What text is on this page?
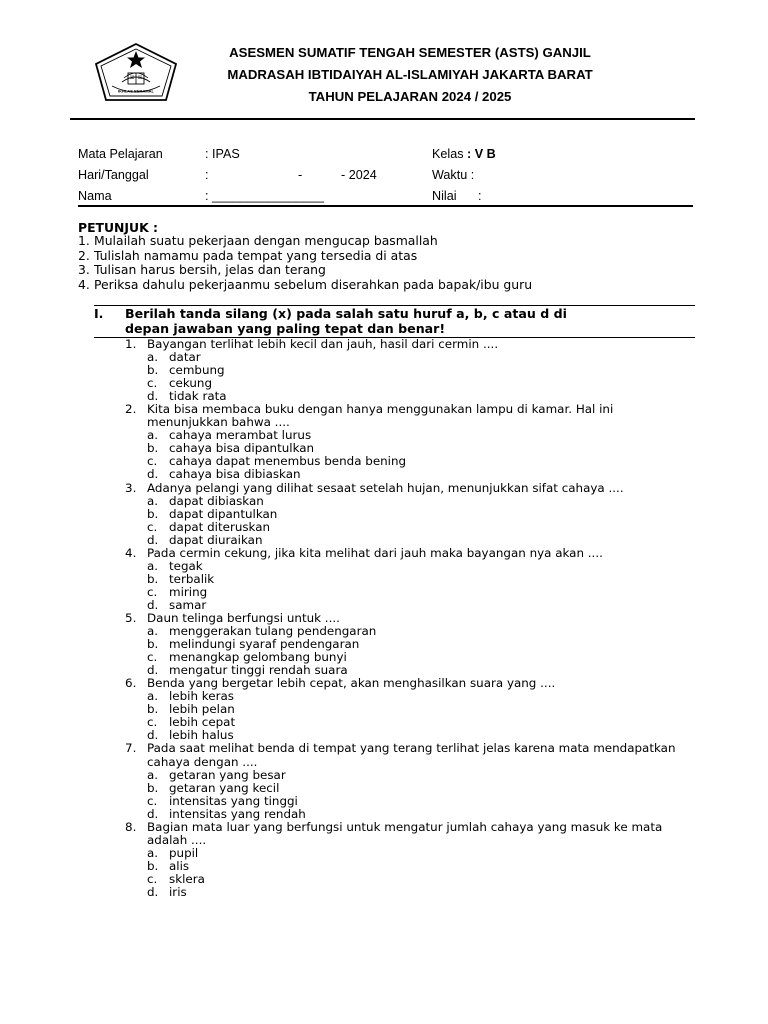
IKHLAS BERAMAL
ASESMEN SUMATIF TENGAH SEMESTER (ASTS) GANJIL
MADRASAH IBTIDAIYAH AL-ISLAMIYAH JAKARTA BARAT
TAHUN PELAJARAN 2024 / 2025
Mata Pelajaran	: IPAS	Kelas : V B
Hari/Tanggal	:	-	- 2024	Waktu :
Nama	: ________________	Nilai :
PETUNJUK :
1. Mulailah suatu pekerjaan dengan mengucap basmallah
2. Tulislah namamu pada tempat yang tersedia di atas
3. Tulisan harus bersih, jelas dan terang
4. Periksa dahulu pekerjaanmu sebelum diserahkan pada bapak/ibu guru
I. Berilah tanda silang (x) pada salah satu huruf a, b, c atau d di
depan jawaban yang paling tepat dan benar!
1. Bayangan terlihat lebih kecil dan jauh, hasil dari cermin ....
a. datar
b. cembung
c. cekung
d. tidak rata
2. Kita bisa membaca buku dengan hanya menggunakan lampu di kamar. Hal ini menunjukkan bahwa ....
a. cahaya merambat lurus
b. cahaya bisa dipantulkan
c. cahaya dapat menembus benda bening
d. cahaya bisa dibiaskan
3. Adanya pelangi yang dilihat sesaat setelah hujan, menunjukkan sifat cahaya ....
a. dapat dibiaskan
b. dapat dipantulkan
c. dapat diteruskan
d. dapat diuraikan
4. Pada cermin cekung, jika kita melihat dari jauh maka bayangan nya akan ....
a. tegak
b. terbalik
c. miring
d. samar
5. Daun telinga berfungsi untuk ....
a. menggerakan tulang pendengaran
b. melindungi syaraf pendengaran
c. menangkap gelombang bunyi
d. mengatur tinggi rendah suara
6. Benda yang bergetar lebih cepat, akan menghasilkan suara yang ....
a. lebih keras
b. lebih pelan
c. lebih cepat
d. lebih halus
7. Pada saat melihat benda di tempat yang terang terlihat jelas karena mata mendapatkan cahaya dengan ....
a. getaran yang besar
b. getaran yang kecil
c. intensitas yang tinggi
d. intensitas yang rendah
8. Bagian mata luar yang berfungsi untuk mengatur jumlah cahaya yang masuk ke mata adalah ....
a. pupil
b. alis
c. sklera
d. iris
